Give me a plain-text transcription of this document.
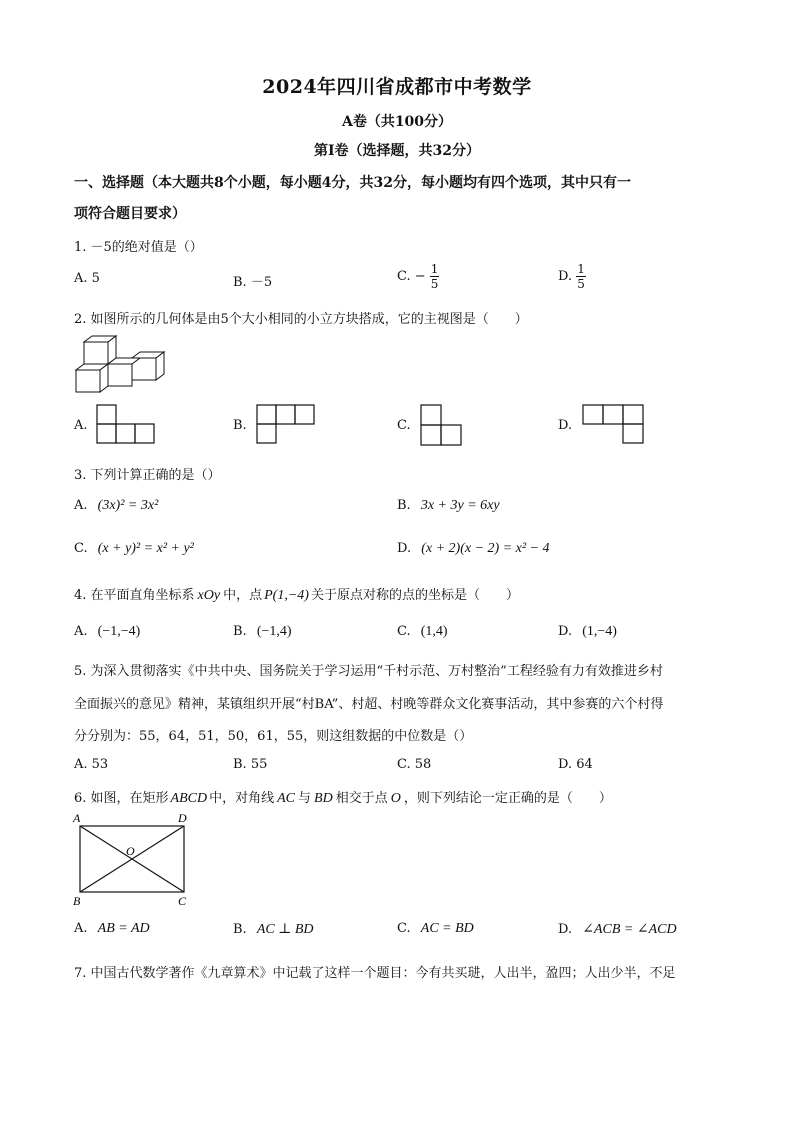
2024年四川省成都市中考数学
A卷（共100分）
第I卷（选择题，共32分）
一、选择题（本大题共8个小题，每小题4分，共32分，每小题均有四个选项，其中只有一
项符合题目要求）
1. －5的绝对值是（）
A. 5	B. －5	C. − $\frac{1}{5}$	D. $\frac{1}{5}$
2. 如图所示的几何体是由5个大小相同的小立方块搭成，它的主视图是（　　）
A.	B.	C.	D.
3. 下列计算正确的是（）
A. (3x)² = 3x²	B. 3x + 3y = 6xy
C. (x + y)² = x² + y²	D. (x + 2)(x − 2) = x² − 4
4. 在平面直角坐标系 xOy 中，点 P(1,−4) 关于原点对称的点的坐标是（　　）
A. (−1,−4)	B. (−1,4)	C. (1,4)	D. (1,−4)
5. 为深入贯彻落实《中共中央、国务院关于学习运用“千村示范、万村整治”工程经验有力有效推进乡村
全面振兴的意见》精神，某镇组织开展“村BA”、村超、村晚等群众文化赛事活动，其中参赛的六个村得
分分别为：55，64，51，50，61，55，则这组数据的中位数是（）
A. 53	B. 55	C. 58	D. 64
6. 如图，在矩形 ABCD 中，对角线 AC 与 BD 相交于点 O ，则下列结论一定正确的是（　　）
A	D
O
B	C
A. AB = AD	B. AC ⊥ BD	C. AC = BD	D. ∠ACB = ∠ACD
7. 中国古代数学著作《九章算术》中记载了这样一个题目：今有共买琎，人出半，盈四；人出少半，不足
